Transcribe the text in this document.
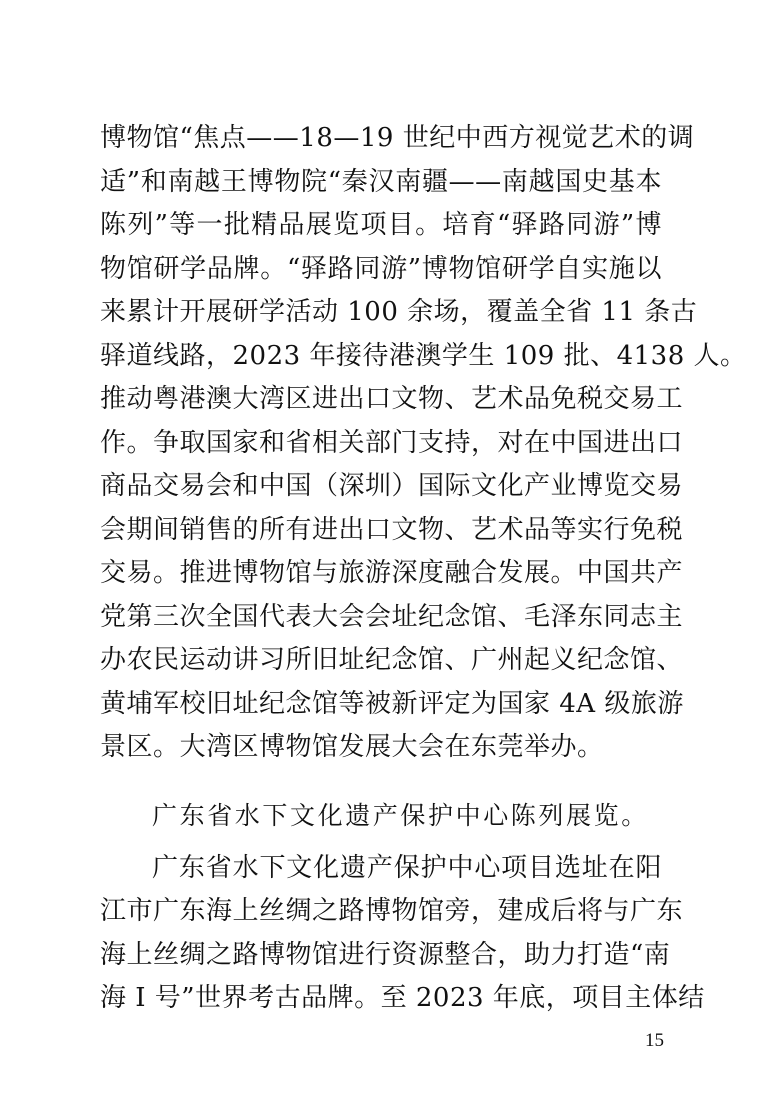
博物馆“焦点——18—19 世纪中西方视觉艺术的调
适”和南越王博物院“秦汉南疆——南越国史基本
陈列”等一批精品展览项目。培育“驿路同游”博
物馆研学品牌。“驿路同游”博物馆研学自实施以
来累计开展研学活动 100 余场，覆盖全省 11 条古
驿道线路，2023 年接待港澳学生 109 批、4138 人。
推动粤港澳大湾区进出口文物、艺术品免税交易工
作。争取国家和省相关部门支持，对在中国进出口
商品交易会和中国（深圳）国际文化产业博览交易
会期间销售的所有进出口文物、艺术品等实行免税
交易。推进博物馆与旅游深度融合发展。中国共产
党第三次全国代表大会会址纪念馆、毛泽东同志主
办农民运动讲习所旧址纪念馆、广州起义纪念馆、
黄埔军校旧址纪念馆等被新评定为国家 4A 级旅游
景区。大湾区博物馆发展大会在东莞举办。
广东省水下文化遗产保护中心陈列展览。
广东省水下文化遗产保护中心项目选址在阳
江市广东海上丝绸之路博物馆旁，建成后将与广东
海上丝绸之路博物馆进行资源整合，助力打造“南
海 I 号”世界考古品牌。至 2023 年底，项目主体结
15
